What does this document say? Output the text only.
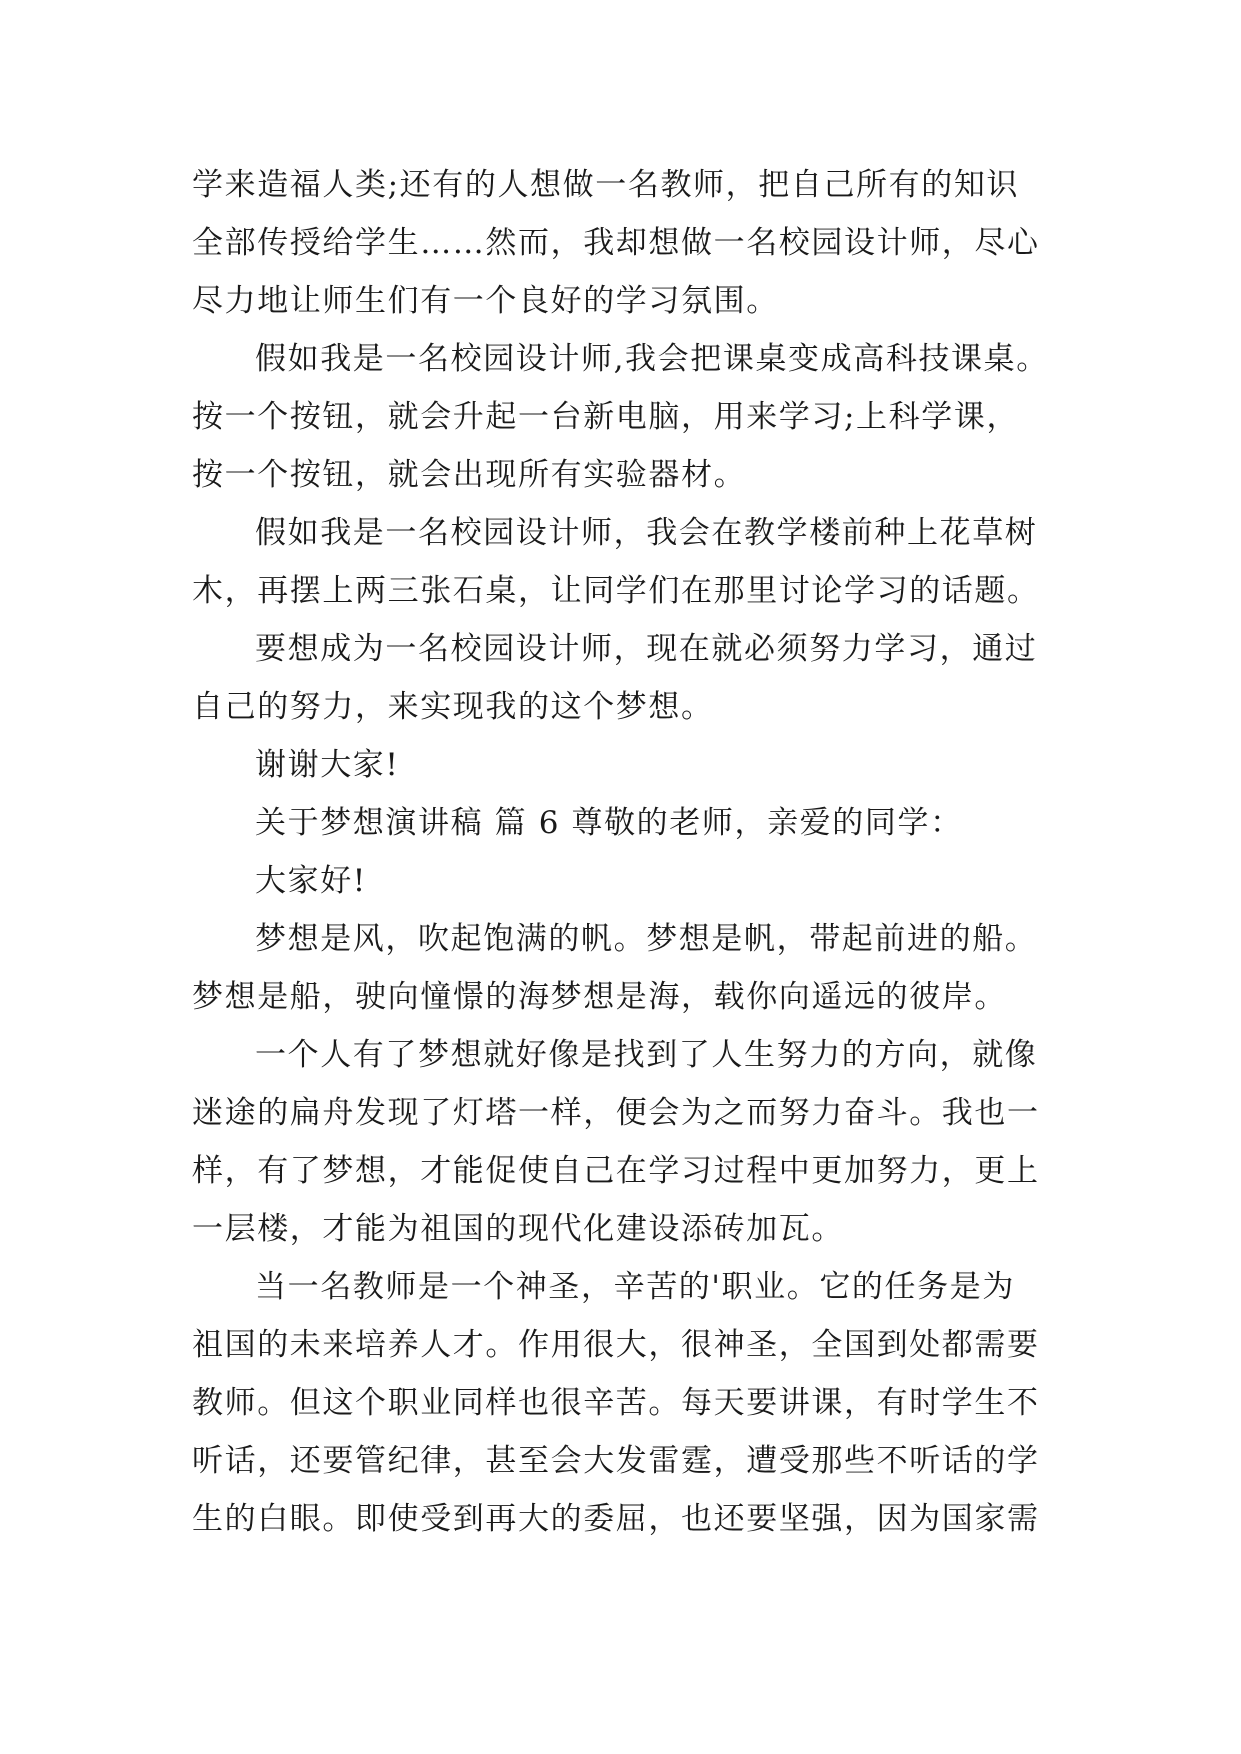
学来造福人类;还有的人想做一名教师，把自己所有的知识
全部传授给学生……然而，我却想做一名校园设计师，尽心
尽力地让师生们有一个良好的学习氛围。
假如我是一名校园设计师,我会把课桌变成高科技课桌。
按一个按钮，就会升起一台新电脑，用来学习;上科学课，
按一个按钮，就会出现所有实验器材。
假如我是一名校园设计师，我会在教学楼前种上花草树
木，再摆上两三张石桌，让同学们在那里讨论学习的话题。
要想成为一名校园设计师，现在就必须努力学习，通过
自己的努力，来实现我的这个梦想。
谢谢大家!
关于梦想演讲稿 篇 6 尊敬的老师，亲爱的同学：
大家好!
梦想是风，吹起饱满的帆。梦想是帆，带起前进的船。
梦想是船，驶向憧憬的海梦想是海，载你向遥远的彼岸。
一个人有了梦想就好像是找到了人生努力的方向，就像
迷途的扁舟发现了灯塔一样，便会为之而努力奋斗。我也一
样，有了梦想，才能促使自己在学习过程中更加努力，更上
一层楼，才能为祖国的现代化建设添砖加瓦。
当一名教师是一个神圣，辛苦的'职业。它的任务是为
祖国的未来培养人才。作用很大，很神圣，全国到处都需要
教师。但这个职业同样也很辛苦。每天要讲课，有时学生不
听话，还要管纪律，甚至会大发雷霆，遭受那些不听话的学
生的白眼。即使受到再大的委屈，也还要坚强，因为国家需
